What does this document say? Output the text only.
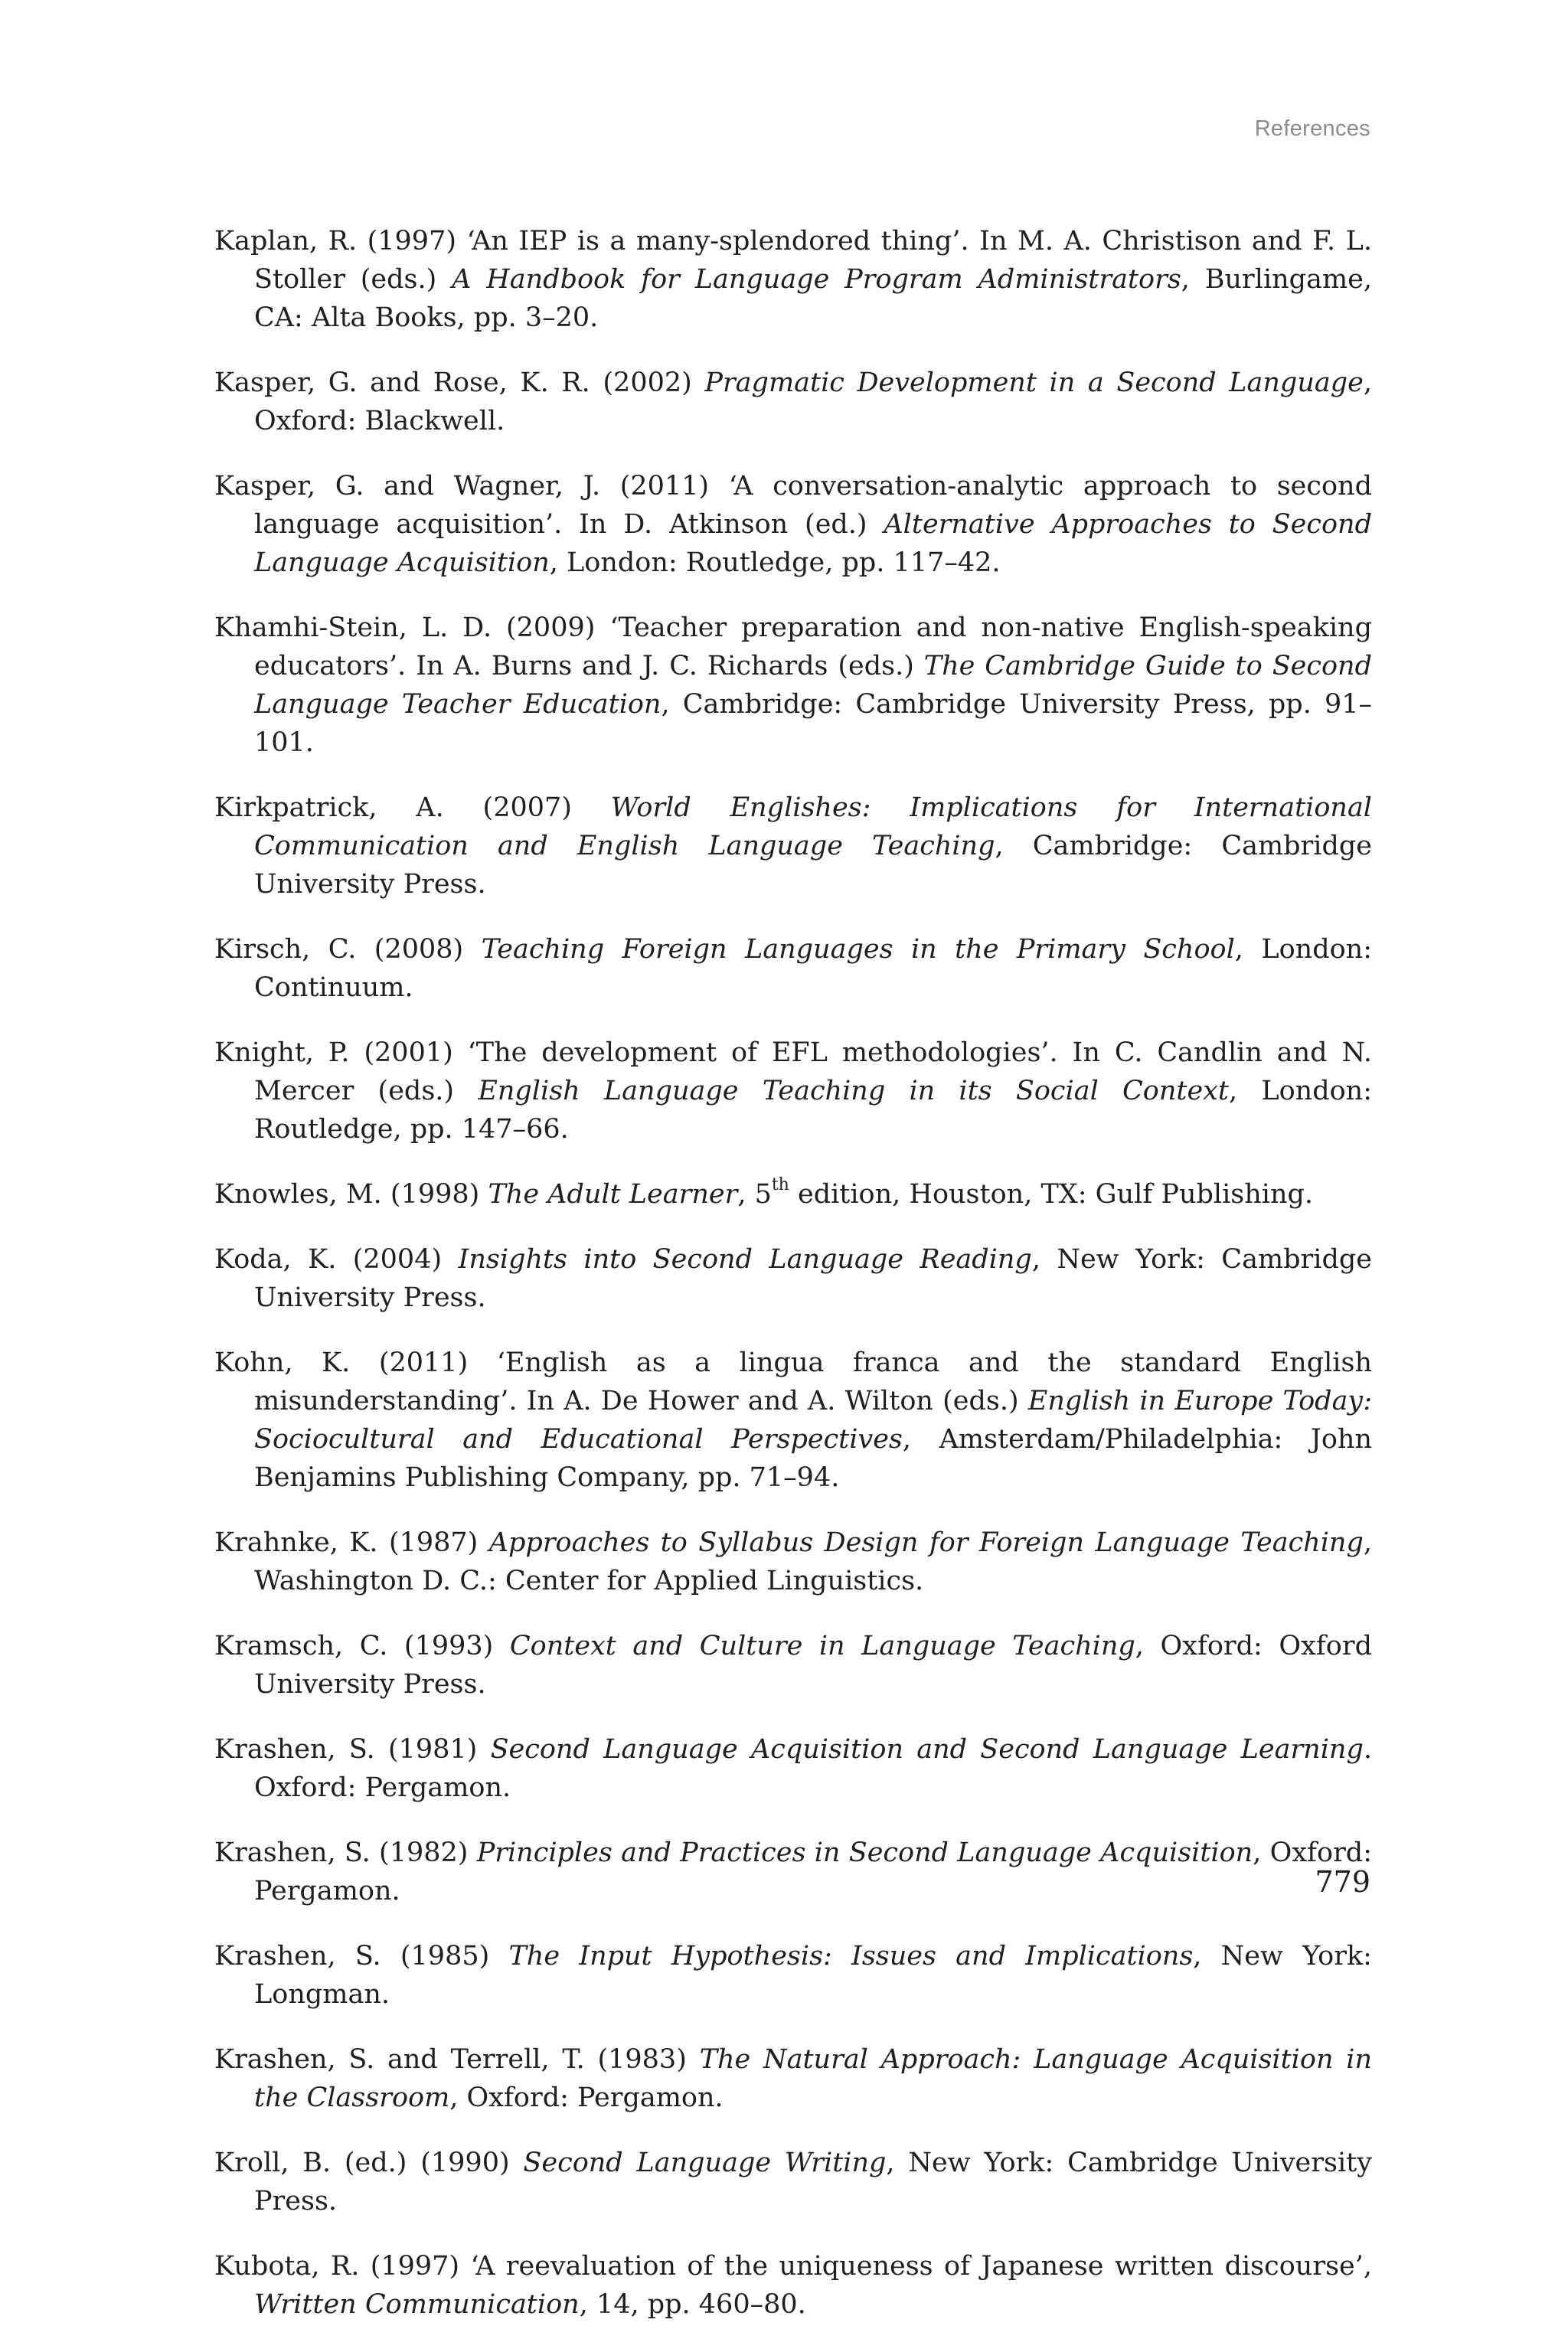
References

Kaplan, R. (1997) ‘An IEP is a many-splendored thing’. In M. A. Christison and F. L. Stoller (eds.) A Handbook for Language Program Administrators, Burlingame, CA: Alta Books, pp. 3–20.

Kasper, G. and Rose, K. R. (2002) Pragmatic Development in a Second Language, Oxford: Blackwell.

Kasper, G. and Wagner, J. (2011) ‘A conversation-analytic approach to second language acquisition’. In D. Atkinson (ed.) Alternative Approaches to Second Language Acquisition, London: Routledge, pp. 117–42.

Khamhi-Stein, L. D. (2009) ‘Teacher preparation and non-native English-speaking educators’. In A. Burns and J. C. Richards (eds.) The Cambridge Guide to Second Language Teacher Education, Cambridge: Cambridge University Press, pp. 91–101.

Kirkpatrick, A. (2007) World Englishes: Implications for International Communication and English Language Teaching, Cambridge: Cambridge University Press.

Kirsch, C. (2008) Teaching Foreign Languages in the Primary School, London: Continuum.

Knight, P. (2001) ‘The development of EFL methodologies’. In C. Candlin and N. Mercer (eds.) English Language Teaching in its Social Context, London: Routledge, pp. 147–66.

Knowles, M. (1998) The Adult Learner, 5th edition, Houston, TX: Gulf Publishing.

Koda, K. (2004) Insights into Second Language Reading, New York: Cambridge University Press.

Kohn, K. (2011) ‘English as a lingua franca and the standard English misunderstanding’. In A. De Hower and A. Wilton (eds.) English in Europe Today: Sociocultural and Educational Perspectives, Amsterdam/Philadelphia: John Benjamins Publishing Company, pp. 71–94.

Krahnke, K. (1987) Approaches to Syllabus Design for Foreign Language Teaching, Washington D. C.: Center for Applied Linguistics.

Kramsch, C. (1993) Context and Culture in Language Teaching, Oxford: Oxford University Press.

Krashen, S. (1981) Second Language Acquisition and Second Language Learning. Oxford: Pergamon.

Krashen, S. (1982) Principles and Practices in Second Language Acquisition, Oxford: Pergamon.

Krashen, S. (1985) The Input Hypothesis: Issues and Implications, New York: Longman.

Krashen, S. and Terrell, T. (1983) The Natural Approach: Language Acquisition in the Classroom, Oxford: Pergamon.

Kroll, B. (ed.) (1990) Second Language Writing, New York: Cambridge University Press.

Kubota, R. (1997) ‘A reevaluation of the uniqueness of Japanese written discourse’, Written Communication, 14, pp. 460–80.

779
